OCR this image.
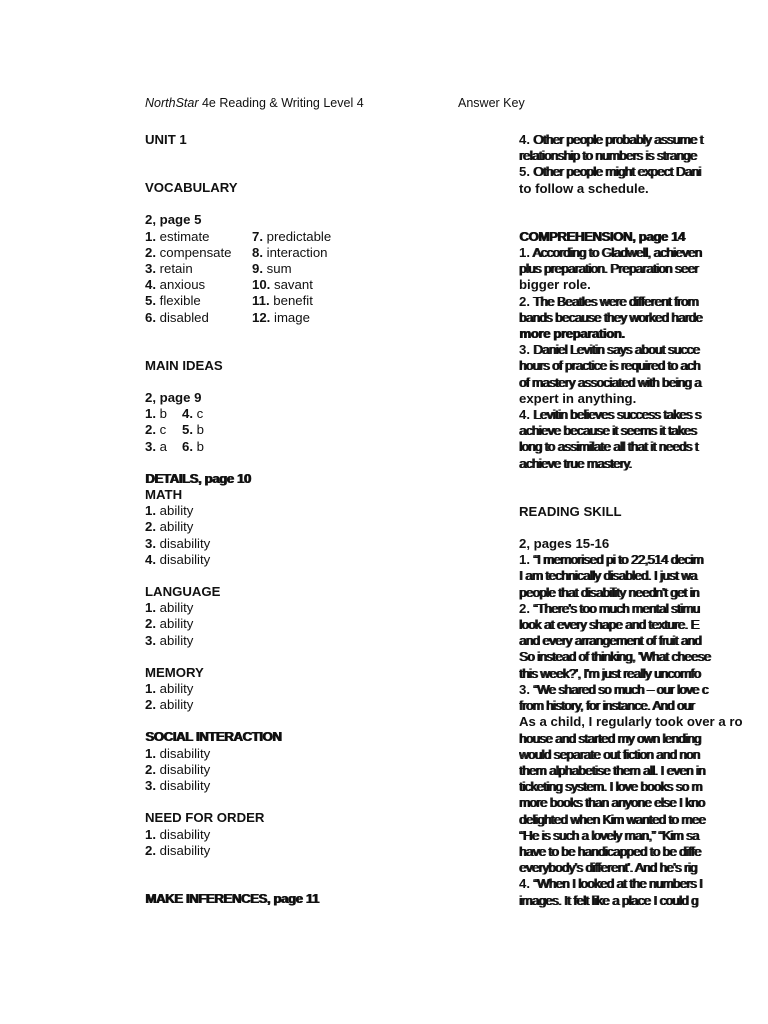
NorthStar 4e Reading & Writing Level 4	Answer Key
UNIT 1
VOCABULARY
2, page 5
1. estimate	7. predictable
2. compensate	8. interaction
3. retain	9. sum
4. anxious	10. savant
5. flexible	11. benefit
6. disabled	12. image
MAIN IDEAS
2, page 9
1. b	4. c
2. c	5. b
3. a	6. b
DETAILS, page 10
MATH
1. ability
2. ability
3. disability
4. disability
LANGUAGE
1. ability
2. ability
3. ability
MEMORY
1. ability
2. ability
SOCIAL INTERACTION
1. disability
2. disability
3. disability
NEED FOR ORDER
1. disability
2. disability
MAKE INFERENCES, page 11
4. Other people probably assume t
relationship to numbers is strange
5. Other people might expect Dani
to follow a schedule.
COMPREHENSION, page 14
1. According to Gladwell, achieven
plus preparation. Preparation seer
bigger role.
2. The Beatles were different from
bands because they worked harde
more preparation.
3. Daniel Levitin says about succe
hours of practice is required to ach
of mastery associated with being a
expert in anything.
4. Levitin believes success takes s
achieve because it seems it takes
long to assimilate all that it needs t
achieve true mastery.
READING SKILL
2, pages 15-16
1. “I memorised pi to 22,514 decim
I am technically disabled. I just wa
people that disability needn't get in
2. “There's too much mental stimu
look at every shape and texture. E
and every arrangement of fruit and
So instead of thinking, 'What cheese
this week?', I'm just really uncomfo
3. “We shared so much – our love c
from history, for instance. And our
As a child, I regularly took over a ro
house and started my own lending
would separate out fiction and non
them alphabetise them all. I even in
ticketing system. I love books so m
more books than anyone else I kno
delighted when Kim wanted to mee
“He is such a lovely man,” “Kim sa
have to be handicapped to be diffe
everybody's different'. And he's rig
4. “When I looked at the numbers I
images. It felt like a place I could g
